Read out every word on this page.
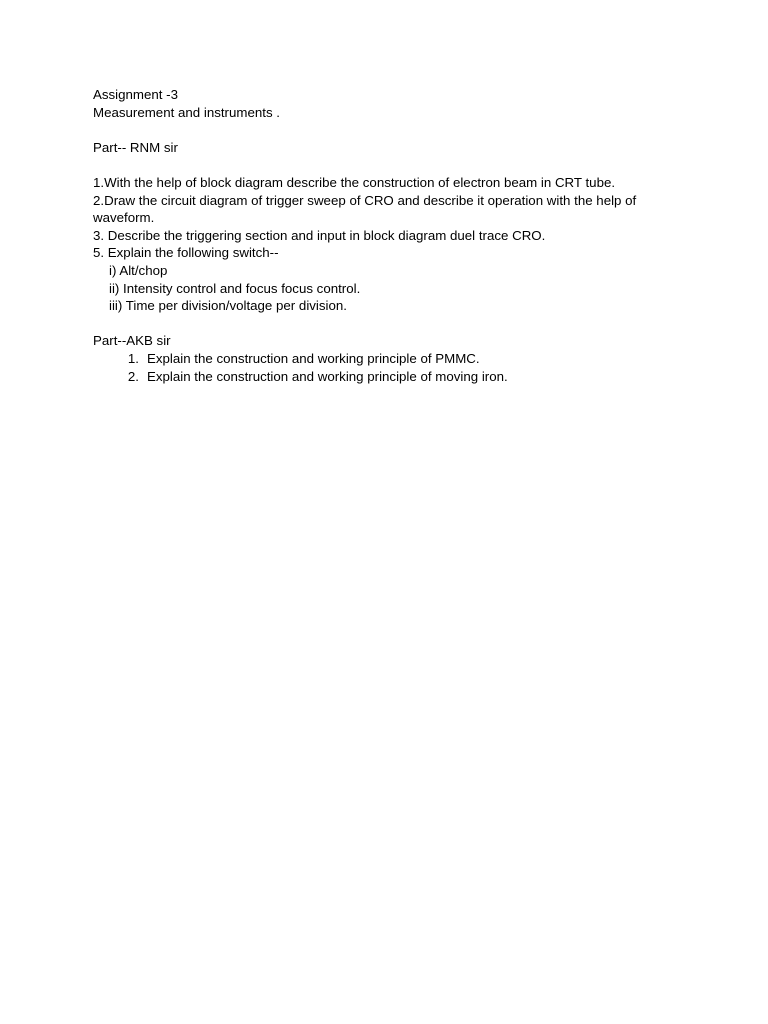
Assignment -3
Measurement and instruments .
Part-- RNM sir
1.With the help of block diagram describe the construction of electron beam in CRT tube.
2.Draw the circuit diagram of trigger sweep of CRO and describe it operation with the help of waveform.
3. Describe the triggering section and input in block diagram duel trace CRO.
5. Explain the following switch--
i) Alt/chop
ii) Intensity control and focus focus control.
iii) Time per division/voltage per division.
Part--AKB sir
1. Explain the construction and working principle of PMMC.
2. Explain the construction and working principle of moving iron.
